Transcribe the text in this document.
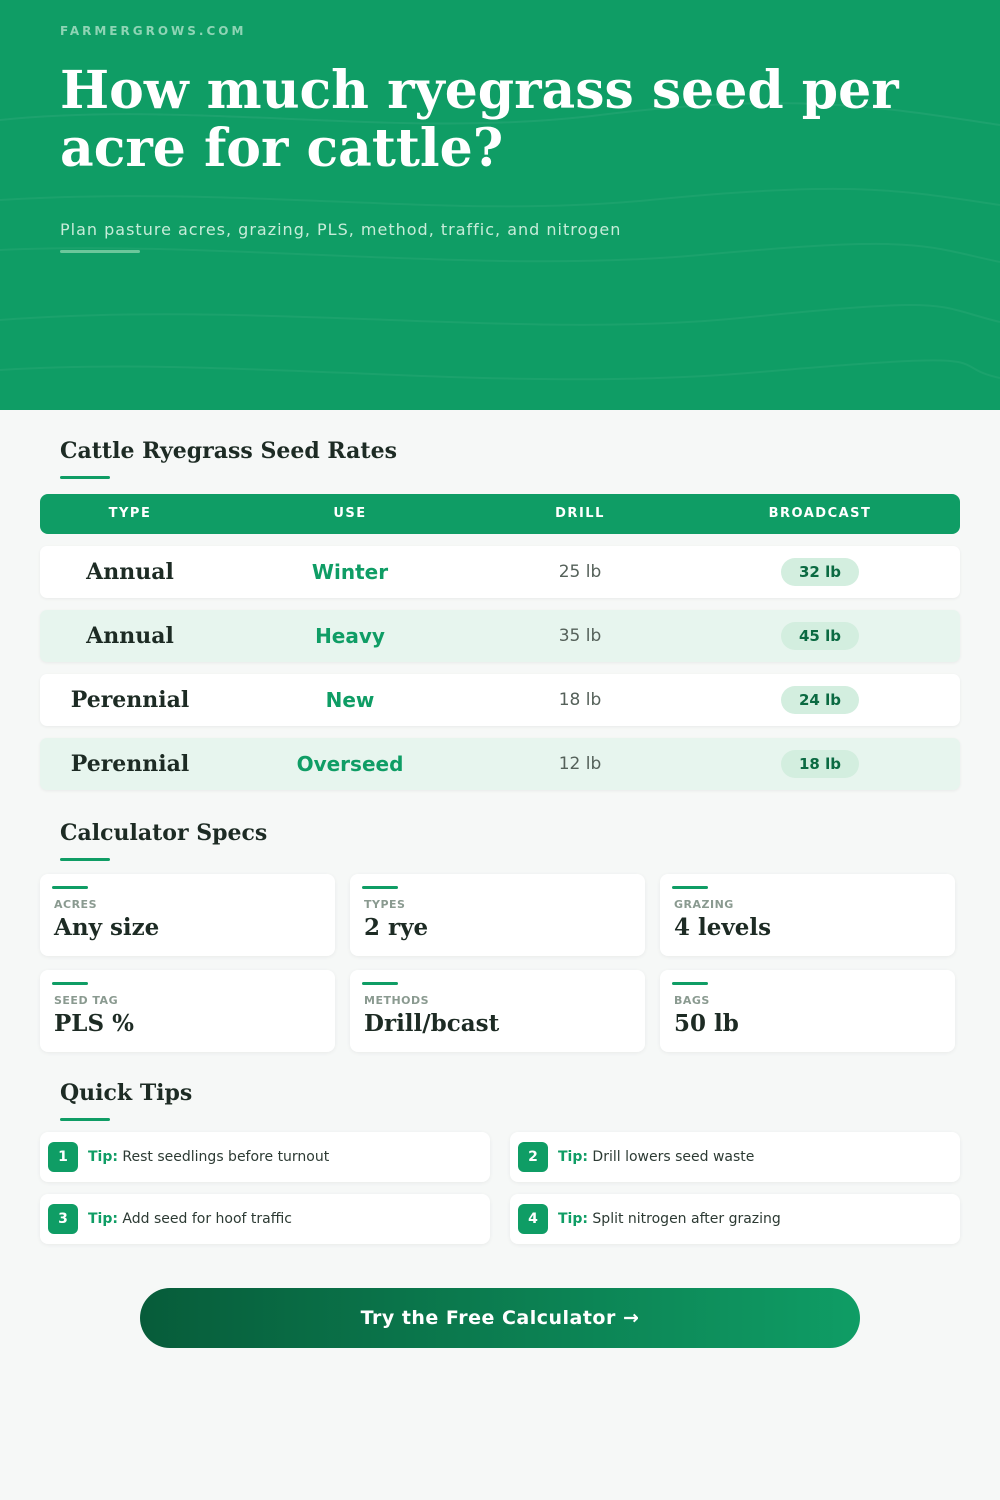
FARMERGROWS.COM
How much ryegrass seed per acre for cattle?
Plan pasture acres, grazing, PLS, method, traffic, and nitrogen
Cattle Ryegrass Seed Rates
TYPE	USE	DRILL	BROADCAST
Annual	Winter	25 lb	32 lb
Annual	Heavy	35 lb	45 lb
Perennial	New	18 lb	24 lb
Perennial	Overseed	12 lb	18 lb
Calculator Specs
ACRES
Any size
TYPES
2 rye
GRAZING
4 levels
SEED TAG
PLS %
METHODS
Drill/bcast
BAGS
50 lb
Quick Tips
1	Tip: Rest seedlings before turnout	2	Tip: Drill lowers seed waste
3	Tip: Add seed for hoof traffic	4	Tip: Split nitrogen after grazing
Try the Free Calculator →
